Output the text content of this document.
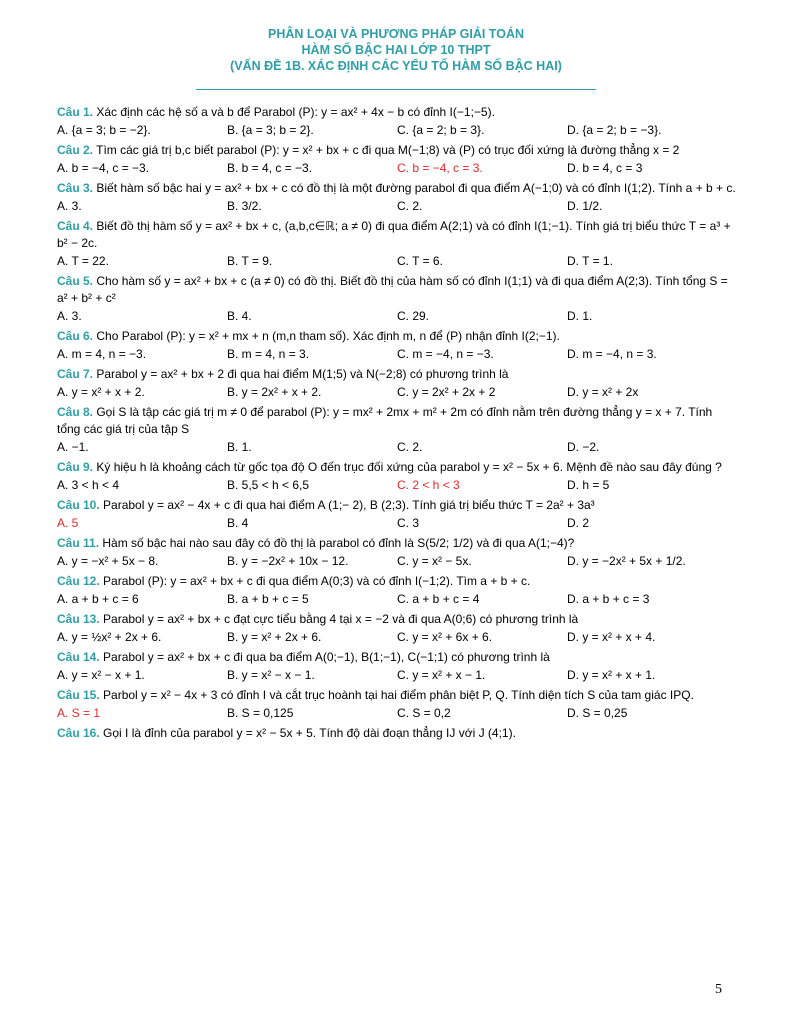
PHÂN LOẠI VÀ PHƯƠNG PHÁP GIẢI TOÁN
HÀM SỐ BẬC HAI LỚP 10 THPT
(VẤN ĐỀ 1B. XÁC ĐỊNH CÁC YẾU TỐ HÀM SỐ BẬC HAI)
Câu 1. Xác định các hệ số a và b để Parabol (P): y = ax² + 4x − b có đỉnh I(−1;−5).
A. {a = 3; b = −2}.	B. {a = 3; b = 2}.	C. {a = 2; b = 3}.	D. {a = 2; b = −3}.
Câu 2. Tìm các giá trị b,c biết parabol (P): y = x² + bx + c đi qua M(−1;8) và (P) có trục đối xứng là đường thẳng x = 2
A. b = −4, c = −3.	B. b = 4, c = −3.	C. b = −4, c = 3.	D. b = 4, c = 3
Câu 3. Biết hàm số bậc hai y = ax² + bx + c có đồ thị là một đường parabol đi qua điểm A(−1;0) và có đỉnh I(1;2). Tính a + b + c.
A. 3.	B. 3/2.	C. 2.	D. 1/2.
Câu 4. Biết đồ thị hàm số y = ax² + bx + c, (a,b,c∈ℝ; a ≠ 0) đi qua điểm A(2;1) và có đỉnh I(1;−1). Tính giá trị biểu thức T = a³ + b² − 2c.
A. T = 22.	B. T = 9.	C. T = 6.	D. T = 1.
Câu 5. Cho hàm số y = ax² + bx + c (a ≠ 0) có đồ thị. Biết đồ thị của hàm số có đỉnh I(1;1) và đi qua điểm A(2;3). Tính tổng S = a² + b² + c²
A. 3.	B. 4.	C. 29.	D. 1.
Câu 6. Cho Parabol (P): y = x² + mx + n (m,n tham số). Xác định m, n để (P) nhận đỉnh I(2;−1).
A. m = 4, n = −3.	B. m = 4, n = 3.	C. m = −4, n = −3.	D. m = −4, n = 3.
Câu 7. Parabol y = ax² + bx + 2 đi qua hai điểm M(1;5) và N(−2;8) có phương trình là
A. y = x² + x + 2.	B. y = 2x² + x + 2.	C. y = 2x² + 2x + 2	D. y = x² + 2x
Câu 8. Gọi S là tập các giá trị m ≠ 0 để parabol (P): y = mx² + 2mx + m² + 2m có đỉnh nằm trên đường thẳng y = x + 7. Tính tổng các giá trị của tập S
A. −1.	B. 1.	C. 2.	D. −2.
Câu 9. Ký hiệu h là khoảng cách từ gốc tọa độ O đến trục đối xứng của parabol y = x² − 5x + 6. Mệnh đề nào sau đây đúng ?
A. 3 < h < 4	B. 5,5 < h < 6,5	C. 2 < h < 3	D. h = 5
Câu 10. Parabol y = ax² − 4x + c đi qua hai điểm A (1;− 2), B (2;3). Tính giá trị biểu thức T = 2a² + 3a³
A. 5	B. 4	C. 3	D. 2
Câu 11. Hàm số bậc hai nào sau đây có đồ thị là parabol có đỉnh là S(5/2; 1/2) và đi qua A(1;−4)?
A. y = −x² + 5x − 8.	B. y = −2x² + 10x − 12.	C. y = x² − 5x.	D. y = −2x² + 5x + 1/2.
Câu 12. Parabol (P): y = ax² + bx + c đi qua điểm A(0;3) và có đỉnh I(−1;2). Tìm a + b + c.
A. a + b + c = 6	B. a + b + c = 5	C. a + b + c = 4	D. a + b + c = 3
Câu 13. Parabol y = ax² + bx + c đạt cực tiểu bằng 4 tại x = −2 và đi qua A(0;6) có phương trình là
A. y = ½x² + 2x + 6.	B. y = x² + 2x + 6.	C. y = x² + 6x + 6.	D. y = x² + x + 4.
Câu 14. Parabol y = ax² + bx + c đi qua ba điểm A(0;−1), B(1;−1), C(−1;1) có phương trình là
A. y = x² − x + 1.	B. y = x² − x − 1.	C. y = x² + x − 1.	D. y = x² + x + 1.
Câu 15. Parbol y = x² − 4x + 3 có đỉnh I và cắt trục hoành tại hai điểm phân biệt P, Q. Tính diện tích S của tam giác IPQ.
A. S = 1	B. S = 0,125	C. S = 0,2	D. S = 0,25
Câu 16. Gọi I là đỉnh của parabol y = x² − 5x + 5. Tính độ dài đoạn thẳng IJ với J (4;1).
5
